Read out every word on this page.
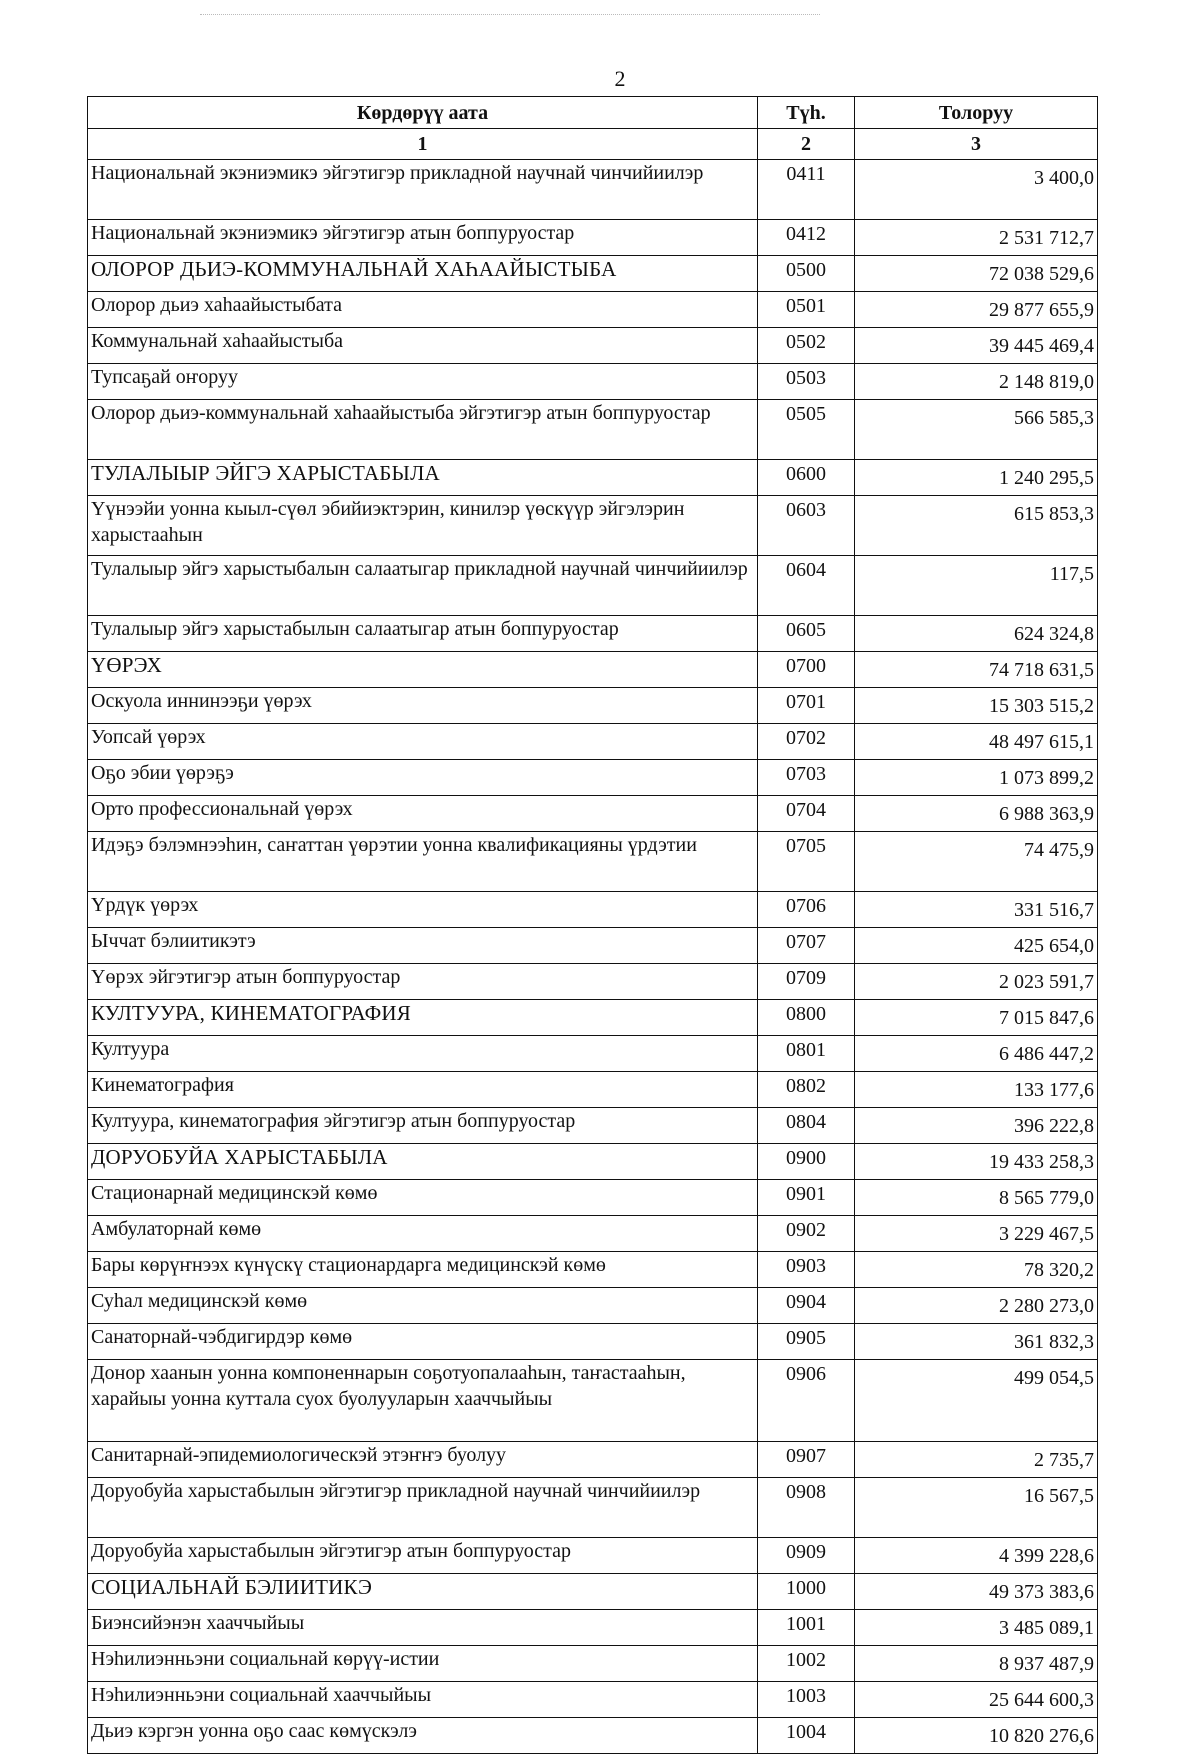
2
Көрдөрүү аата	Түh.	Толоруу
1	2	3
Национальнай экэниэмикэ эйгэтигэр прикладной научнай чинчийиилэр	0411	3 400,0
Национальнай экэниэмикэ эйгэтигэр атын боппуруостар	0412	2 531 712,7
ОЛОРОР ДЬИЭ-КОММУНАЛЬНАЙ ХАҺААЙЫСТЫБА	0500	72 038 529,6
Олорор дьиэ хаһаайыстыбата	0501	29 877 655,9
Коммунальнай хаһаайыстыба	0502	39 445 469,4
Тупсаҕай оҥоруу	0503	2 148 819,0
Олорор дьиэ-коммунальнай хаһаайыстыба эйгэтигэр атын боппуруостар	0505	566 585,3
ТУЛАЛЫЫР ЭЙГЭ ХАРЫСТАБЫЛА	0600	1 240 295,5
Үүнээйи уонна кыыл-сүөл эбийиэктэрин, кинилэр үөскүүр эйгэлэрин харыстааһын	0603	615 853,3
Тулалыыр эйгэ харыстыбалын салаатыгар прикладной научнай чинчийиилэр	0604	117,5
Тулалыыр эйгэ харыстабылын салаатыгар атын боппуруостар	0605	624 324,8
ҮӨРЭХ	0700	74 718 631,5
Оскуола иннинээҕи үөрэх	0701	15 303 515,2
Уопсай үөрэх	0702	48 497 615,1
Оҕо эбии үөрэҕэ	0703	1 073 899,2
Орто профессиональнай үөрэх	0704	6 988 363,9
Идэҕэ бэлэмнээһин, саҥаттан үөрэтии уонна квалификацияны үрдэтии	0705	74 475,9
Үрдүк үөрэх	0706	331 516,7
Ыччат бэлиитикэтэ	0707	425 654,0
Үөрэх эйгэтигэр атын боппуруостар	0709	2 023 591,7
КУЛТУУРА, КИНЕМАТОГРАФИЯ	0800	7 015 847,6
Култуура	0801	6 486 447,2
Кинематография	0802	133 177,6
Култуура, кинематография эйгэтигэр атын боппуруостар	0804	396 222,8
ДОРУОБУЙА ХАРЫСТАБЫЛА	0900	19 433 258,3
Стационарнай медицинскэй көмө	0901	8 565 779,0
Амбулаторнай көмө	0902	3 229 467,5
Бары көрүҥнээх күнүскү стационардарга медицинскэй көмө	0903	78 320,2
Суһал медицинскэй көмө	0904	2 280 273,0
Санаторнай-чэбдигирдэр көмө	0905	361 832,3
Донор хаанын уонна компоненнарын соҕотуопалааһын, таҥастааһын, харайыы уонна куттала суох буолууларын хааччыйыы	0906	499 054,5
Санитарнай-эпидемиологическэй этэҥҥэ буолуу	0907	2 735,7
Доруобуйа харыстабылын эйгэтигэр прикладной научнай чинчийиилэр	0908	16 567,5
Доруобуйа харыстабылын эйгэтигэр атын боппуруостар	0909	4 399 228,6
СОЦИАЛЬНАЙ БЭЛИИТИКЭ	1000	49 373 383,6
Биэнсийэнэн хааччыйыы	1001	3 485 089,1
Нэһилиэнньэни социальнай көрүү-истии	1002	8 937 487,9
Нэһилиэнньэни социальнай хааччыйыы	1003	25 644 600,3
Дьиэ кэргэн уонна оҕо саас көмүскэлэ	1004	10 820 276,6
